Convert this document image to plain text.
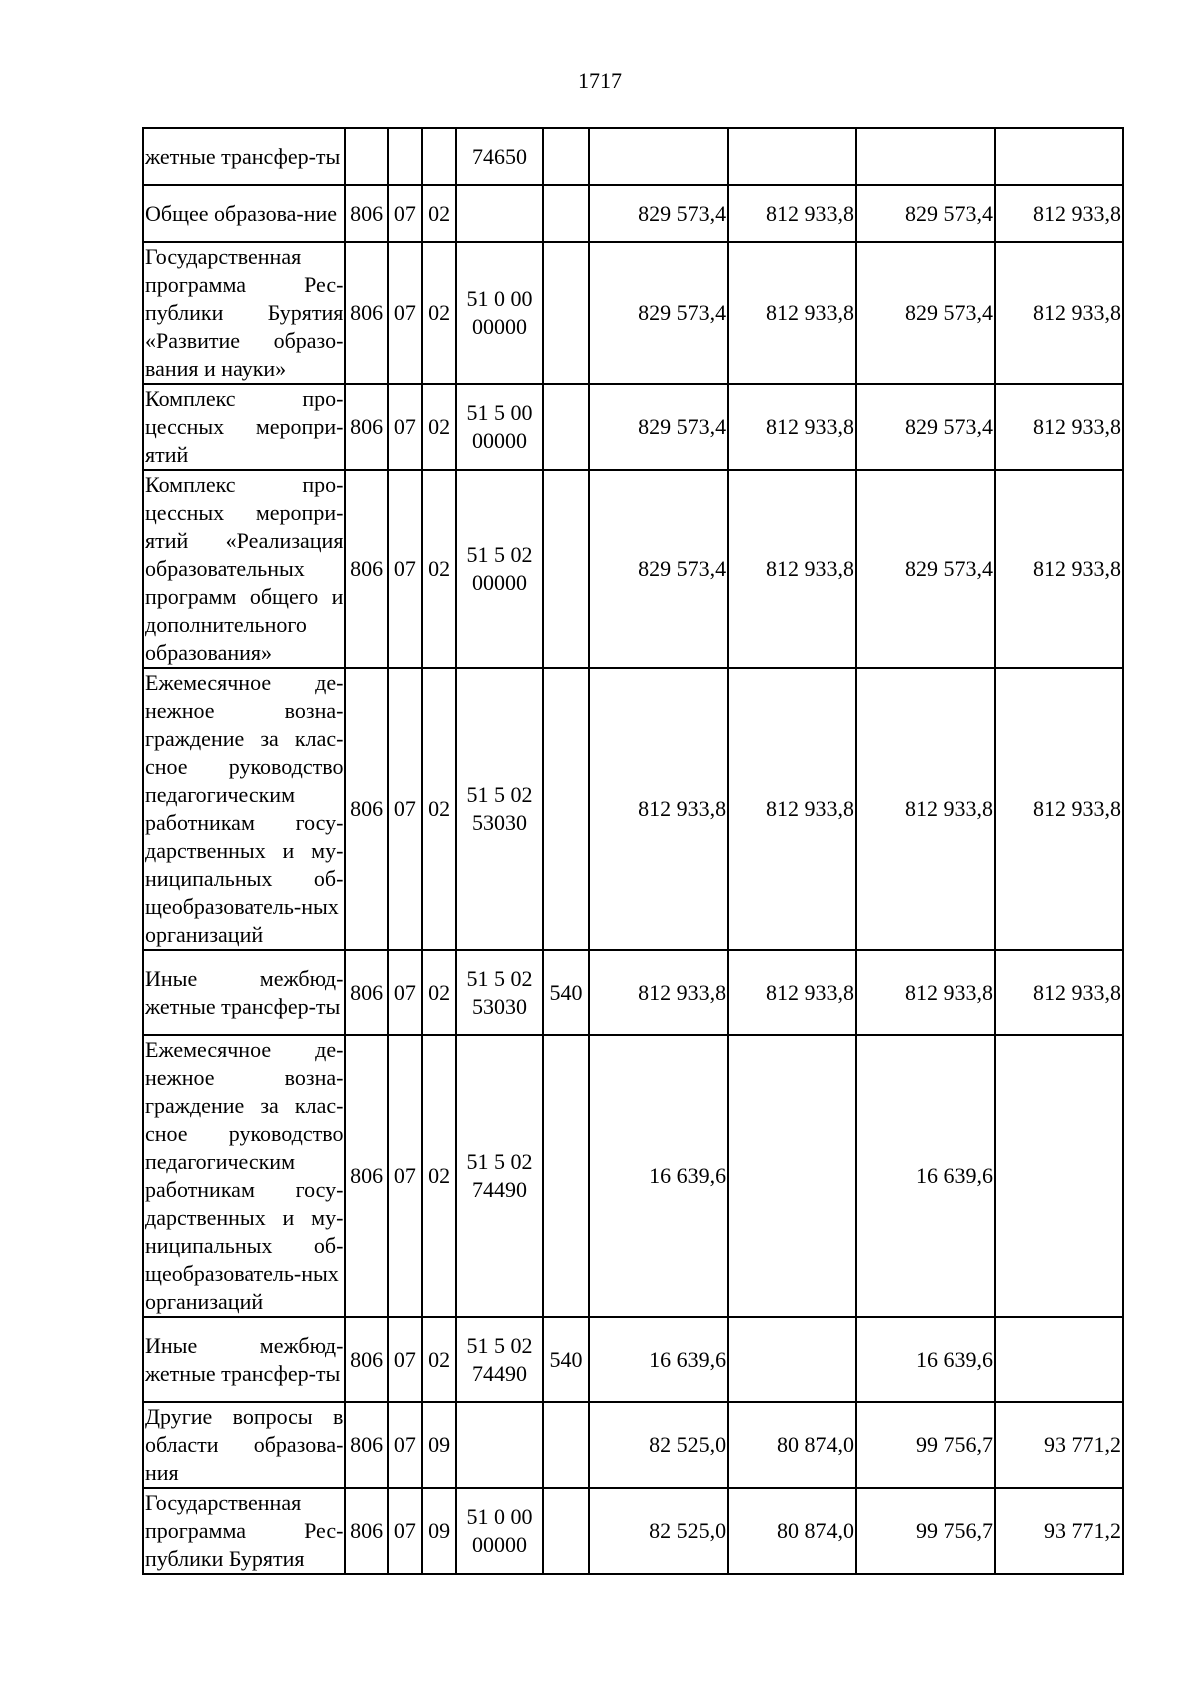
1717
жетные трансфер-ты				74650					
Общее образова-ние	806	07	02			829 573,4	812 933,8	829 573,4	812 933,8
Государственная программа Рес-публики Бурятия «Развитие образо-вания и науки»	806	07	02	51 0 00 00000		829 573,4	812 933,8	829 573,4	812 933,8
Комплекс про-цессных меропри-ятий	806	07	02	51 5 00 00000		829 573,4	812 933,8	829 573,4	812 933,8
Комплекс про-цессных меропри-ятий «Реализация образовательных программ общего и дополнительного образования»	806	07	02	51 5 02 00000		829 573,4	812 933,8	829 573,4	812 933,8
Ежемесячное де-нежное возна-граждение за клас-сное руководство педагогическим работникам госу-дарственных и му-ниципальных об-щеобразователь-ных организаций	806	07	02	51 5 02 53030		812 933,8	812 933,8	812 933,8	812 933,8
Иные межбюд-жетные трансфер-ты	806	07	02	51 5 02 53030	540	812 933,8	812 933,8	812 933,8	812 933,8
Ежемесячное де-нежное возна-граждение за клас-сное руководство педагогическим работникам госу-дарственных и му-ниципальных об-щеобразователь-ных организаций	806	07	02	51 5 02 74490		16 639,6		16 639,6	
Иные межбюд-жетные трансфер-ты	806	07	02	51 5 02 74490	540	16 639,6		16 639,6	
Другие вопросы в области образова-ния	806	07	09			82 525,0	80 874,0	99 756,7	93 771,2
Государственная программа Рес-публики Бурятия	806	07	09	51 0 00 00000		82 525,0	80 874,0	99 756,7	93 771,2
